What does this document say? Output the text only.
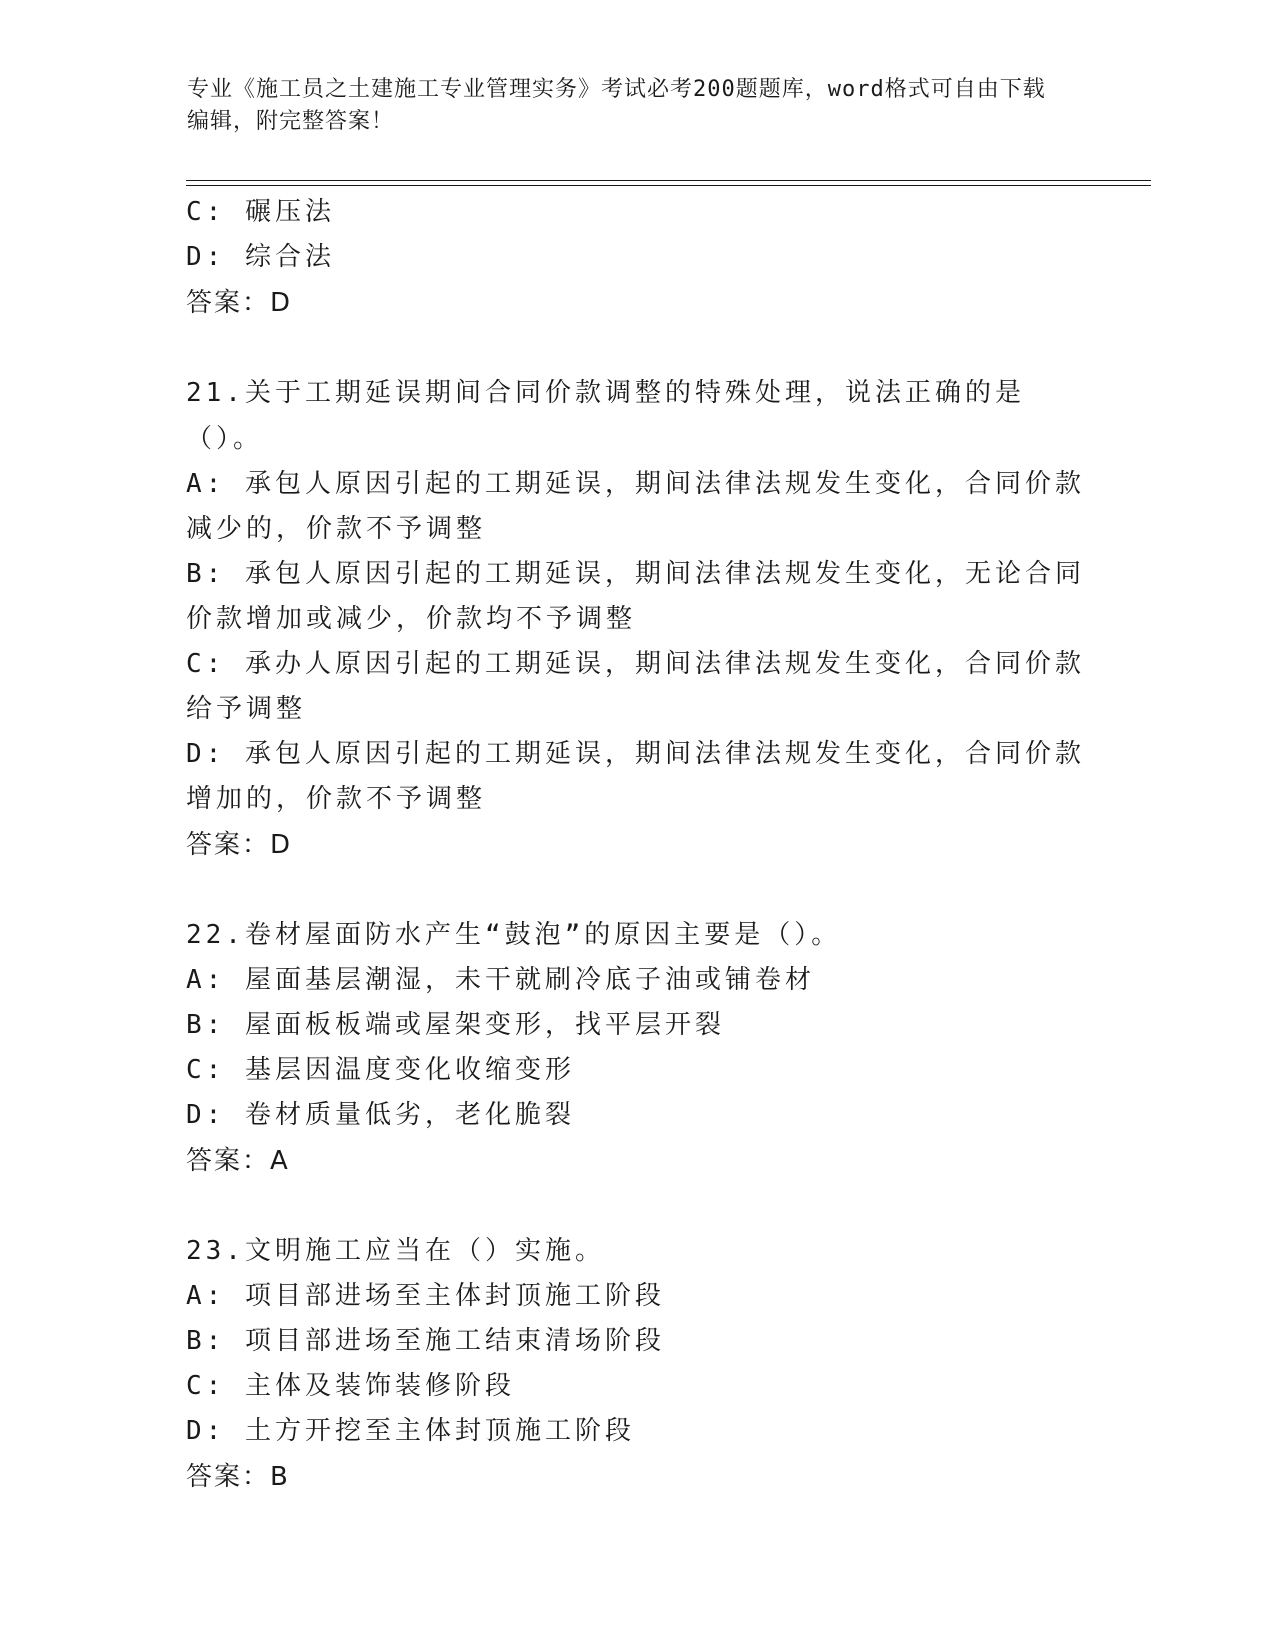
专业《施工员之土建施工专业管理实务》考试必考200题题库，word格式可自由下载编辑，附完整答案！
C: 碾压法
D: 综合法
答案：D
21.关于工期延误期间合同价款调整的特殊处理，说法正确的是（）。
A: 承包人原因引起的工期延误，期间法律法规发生变化，合同价款减少的，价款不予调整
B: 承包人原因引起的工期延误，期间法律法规发生变化，无论合同价款增加或减少，价款均不予调整
C: 承办人原因引起的工期延误，期间法律法规发生变化，合同价款给予调整
D: 承包人原因引起的工期延误，期间法律法规发生变化，合同价款增加的，价款不予调整
答案：D
22.卷材屋面防水产生“鼓泡”的原因主要是（）。
A: 屋面基层潮湿，未干就刷冷底子油或铺卷材
B: 屋面板板端或屋架变形，找平层开裂
C: 基层因温度变化收缩变形
D: 卷材质量低劣，老化脆裂
答案：A
23.文明施工应当在（）实施。
A: 项目部进场至主体封顶施工阶段
B: 项目部进场至施工结束清场阶段
C: 主体及装饰装修阶段
D: 土方开挖至主体封顶施工阶段
答案：B
